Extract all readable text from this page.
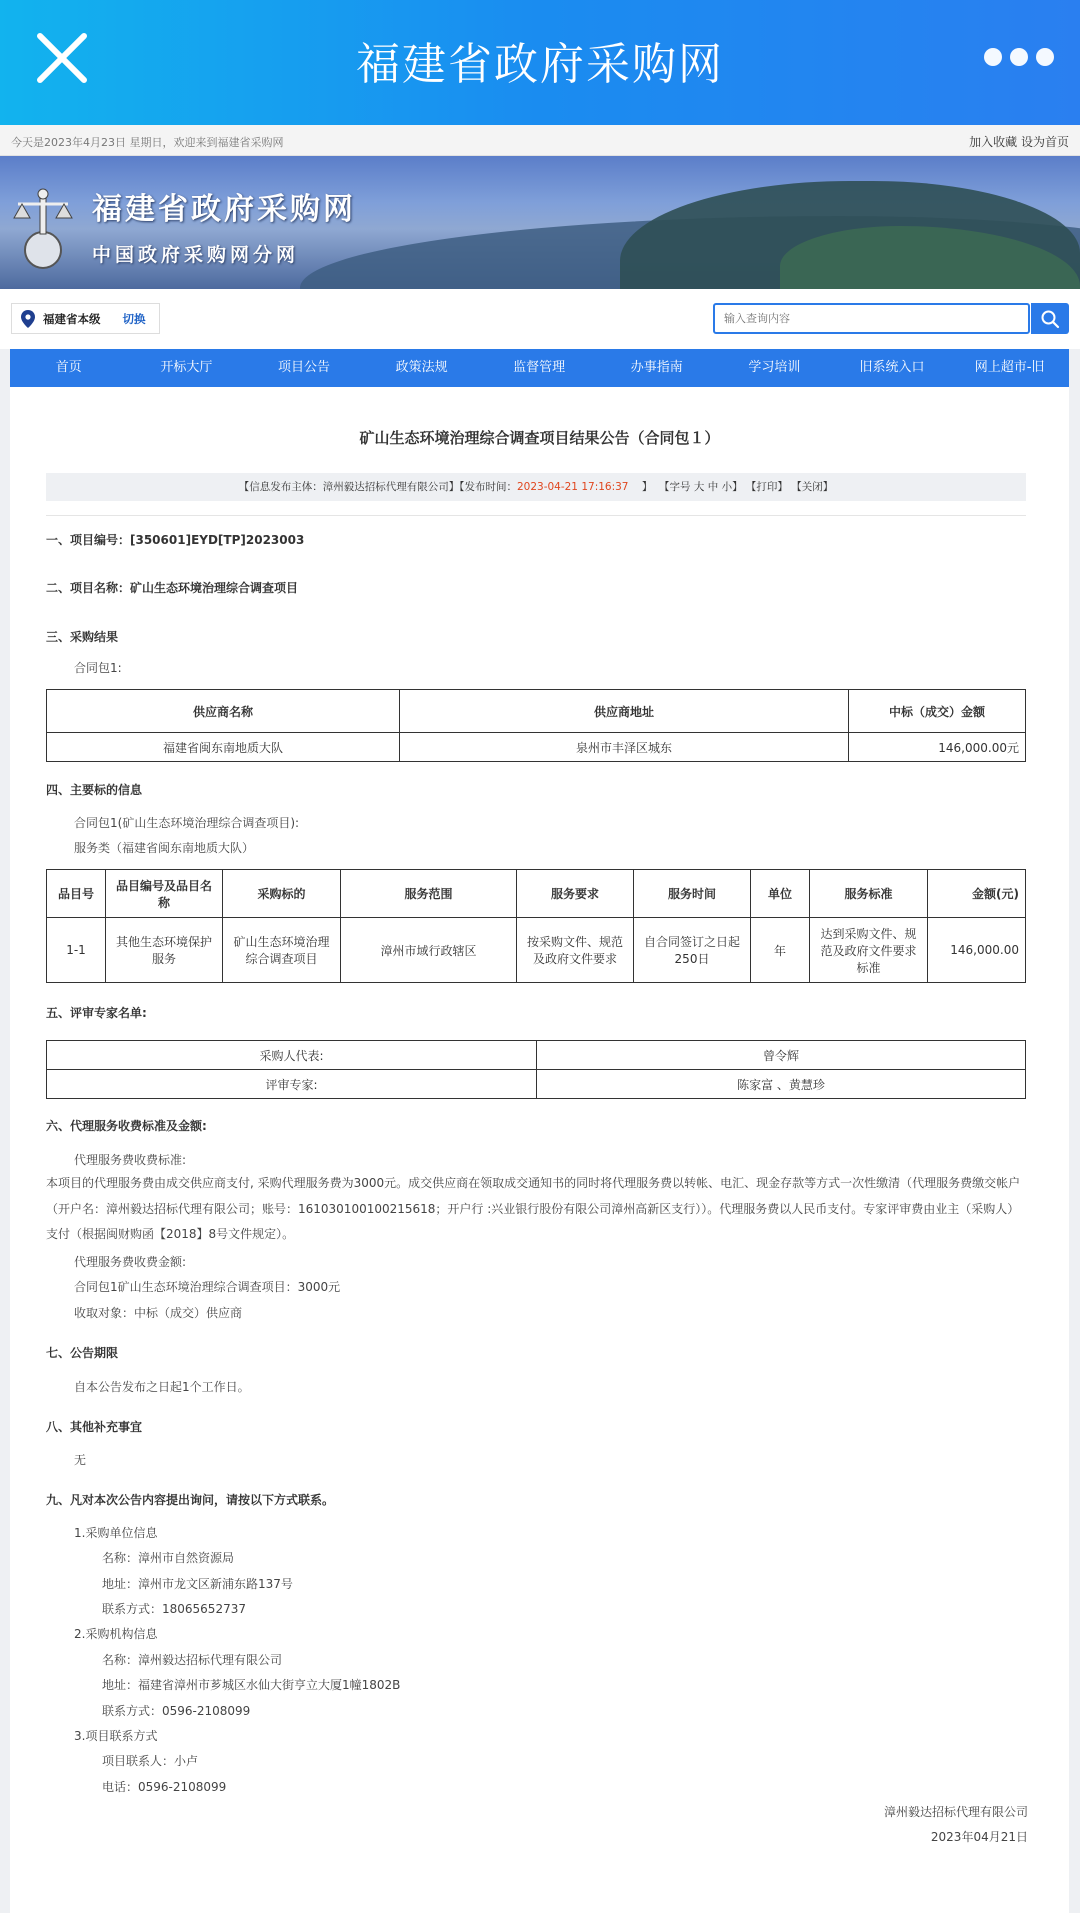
福建省政府采购网
今天是2023年4月23日 星期日，欢迎来到福建省采购网	加入收藏 设为首页
福建省政府采购网
中国政府采购网分网
福建省本级 切换
输入查询内容
首页	开标大厅	项目公告	政策法规	监督管理	办事指南	学习培训	旧系统入口	网上超市-旧
矿山生态环境治理综合调查项目结果公告（合同包１）
【信息发布主体：漳州毅达招标代理有限公司】【发布时间：2023-04-21 17:16:37 】 【字号 大 中 小】 【打印】 【关闭】
一、项目编号：[350601]EYD[TP]2023003
二、项目名称：矿山生态环境治理综合调查项目
三、采购结果
合同包1:
供应商名称	供应商地址	中标（成交）金额
福建省闽东南地质大队	泉州市丰泽区城东	146,000.00元
四、主要标的信息
合同包1(矿山生态环境治理综合调查项目):
服务类（福建省闽东南地质大队）
品目号	品目编号及品目名称	采购标的	服务范围	服务要求	服务时间	单位	服务标准	金额(元)
1-1	其他生态环境保护服务	矿山生态环境治理综合调查项目	漳州市域行政辖区	按采购文件、规范及政府文件要求	自合同签订之日起250日	年	达到采购文件、规范及政府文件要求标准	146,000.00
五、评审专家名单:
采购人代表:	曾令辉
评审专家:	陈家富 、黄慧珍
六、代理服务收费标准及金额:
代理服务费收费标准:
本项目的代理服务费由成交供应商支付, 采购代理服务费为3000元。成交供应商在领取成交通知书的同时将代理服务费以转帐、电汇、现金存款等方式一次性缴清（代理服务费缴交帐户（开户名：漳州毅达招标代理有限公司；账号：161030100100215618；开户行 :兴业银行股份有限公司漳州高新区支行））。代理服务费以人民币支付。专家评审费由业主（采购人）支付（根据闽财购函【2018】8号文件规定）。
代理服务费收费金额:
合同包1矿山生态环境治理综合调查项目：3000元
收取对象：中标（成交）供应商
七、公告期限
自本公告发布之日起1个工作日。
八、其他补充事宜
无
九、凡对本次公告内容提出询问，请按以下方式联系。
1.采购单位信息
名称：漳州市自然资源局
地址：漳州市龙文区新浦东路137号
联系方式：18065652737
2.采购机构信息
名称：漳州毅达招标代理有限公司
地址：福建省漳州市芗城区水仙大街亨立大厦1幢1802B
联系方式：0596-2108099
3.项目联系方式
项目联系人：小卢
电话：0596-2108099
漳州毅达招标代理有限公司
2023年04月21日
